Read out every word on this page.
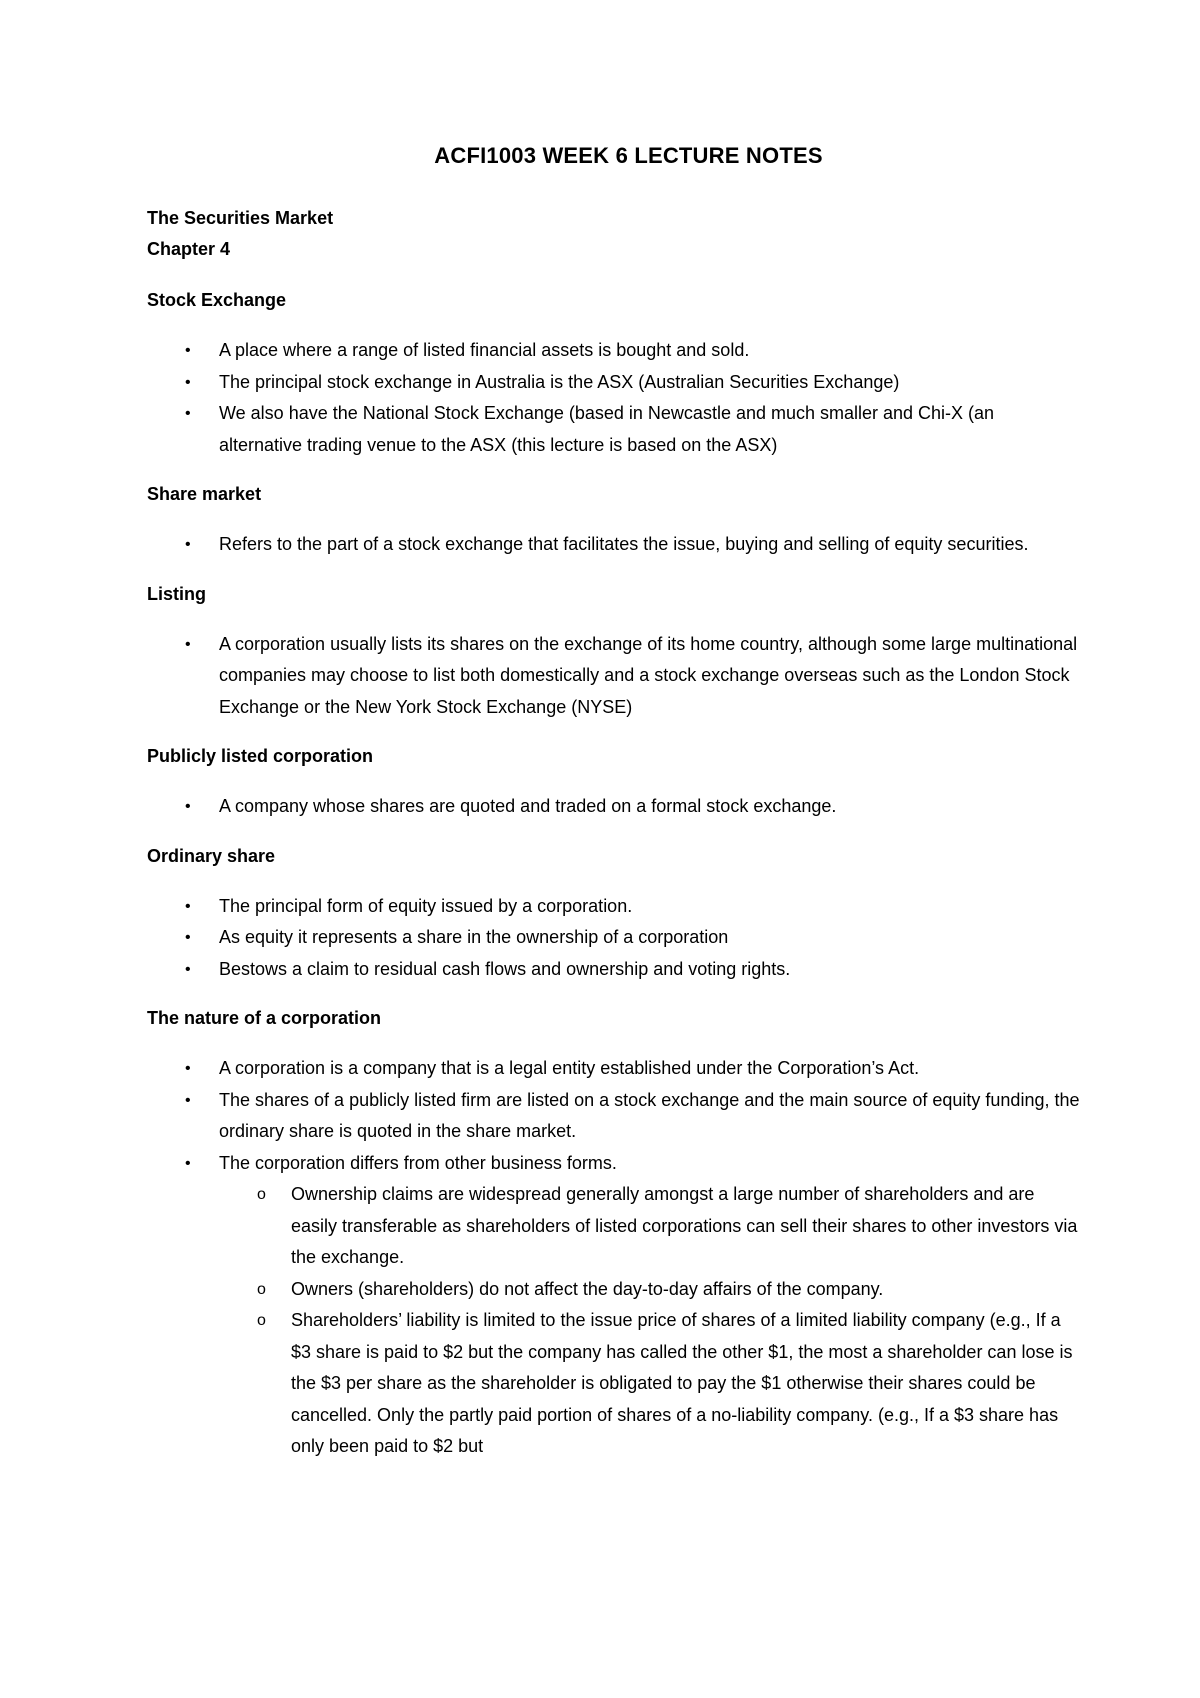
ACFI1003 WEEK 6 LECTURE NOTES
The Securities Market
Chapter 4
Stock Exchange
• A place where a range of listed financial assets is bought and sold.
• The principal stock exchange in Australia is the ASX (Australian Securities Exchange)
• We also have the National Stock Exchange (based in Newcastle and much smaller and Chi-X (an alternative trading venue to the ASX (this lecture is based on the ASX)
Share market
• Refers to the part of a stock exchange that facilitates the issue, buying and selling of equity securities.
Listing
• A corporation usually lists its shares on the exchange of its home country, although some large multinational companies may choose to list both domestically and a stock exchange overseas such as the London Stock Exchange or the New York Stock Exchange (NYSE)
Publicly listed corporation
• A company whose shares are quoted and traded on a formal stock exchange.
Ordinary share
• The principal form of equity issued by a corporation.
• As equity it represents a share in the ownership of a corporation
• Bestows a claim to residual cash flows and ownership and voting rights.
The nature of a corporation
• A corporation is a company that is a legal entity established under the Corporation’s Act.
• The shares of a publicly listed firm are listed on a stock exchange and the main source of equity funding, the ordinary share is quoted in the share market.
• The corporation differs from other business forms.
o Ownership claims are widespread generally amongst a large number of shareholders and are easily transferable as shareholders of listed corporations can sell their shares to other investors via the exchange.
o Owners (shareholders) do not affect the day-to-day affairs of the company.
o Shareholders’ liability is limited to the issue price of shares of a limited liability company (e.g., If a $3 share is paid to $2 but the company has called the other $1, the most a shareholder can lose is the $3 per share as the shareholder is obligated to pay the $1 otherwise their shares could be cancelled. Only the partly paid portion of shares of a no-liability company. (e.g., If a $3 share has only been paid to $2 but
